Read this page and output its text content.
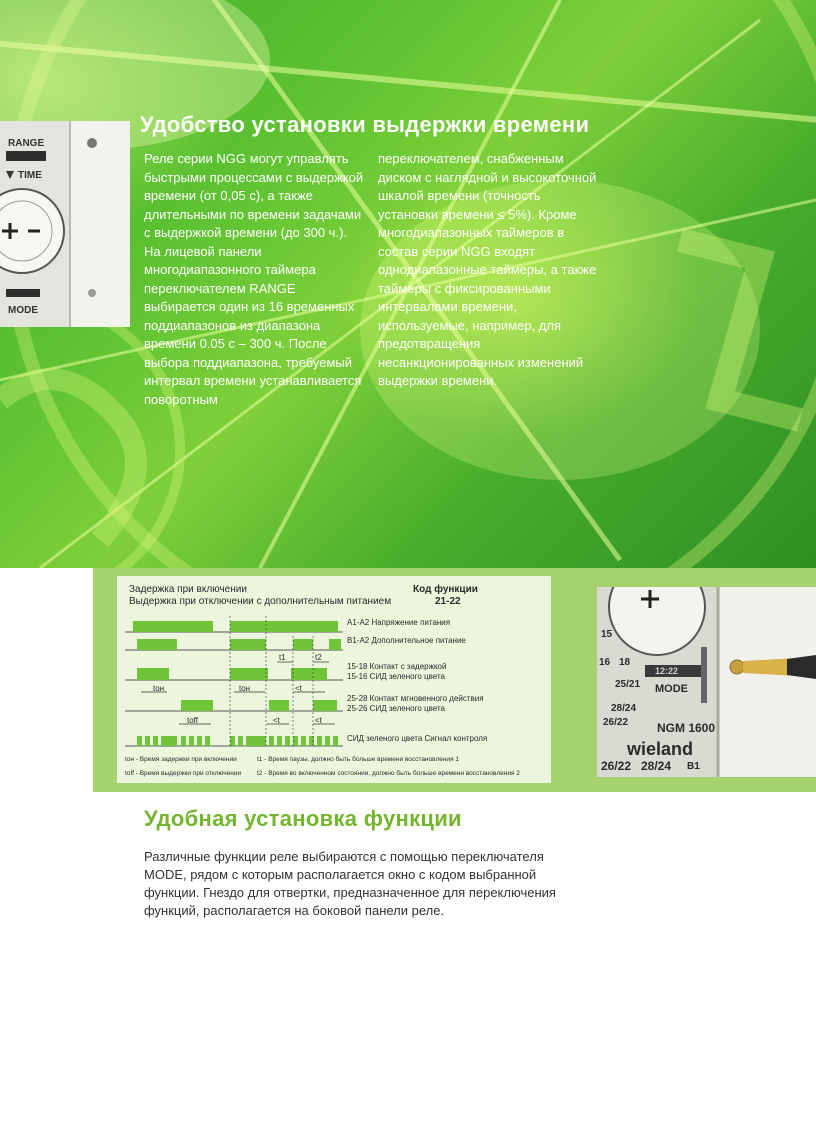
RANGE
TIME
MODE
Удобство установки выдержки времени
Реле серии NGG могут управлять быстрыми процессами с выдержкой времени (от 0,05 с), а также длительными по времени задачами с выдержкой времени (до 300 ч.). На лицевой панели многодиапазонного таймера переключателем RANGE выбирается один из 16 временных поддиапазонов из диапазона времени 0.05 с – 300 ч. После выбора поддиапазона, требуемый интервал времени устанавливается поворотным
переключателем, снабженным диском с наглядной и высокоточной шкалой времени (точность установки времени ≤ 5%). Кроме многодиапазонных таймеров в состав серии NGG входят однодиапазонные таймеры, а также таймеры с фиксированными интервалами времени, используемые, например, для предотвращения несанкционированных изменений выдержки времени.
Задержка при включении
Выдержка при отключении с дополнительным питанием
Код функции
21-22
tон	tон
tоff
t1	t2
<t
<t	<t
A1-A2 Напряжение питания
B1-A2 Дополнительное питание
15-18 Контакт с задержкой
15-16 СИД зеленого цвета
25-28 Контакт мгновенного действия
25-26 СИД зеленого цвета
СИД зеленого цвета Сигнал контроля
tон - Время задержки при включении	t1 - Время паузы, должно быть больше времени восстановления 1
tоff - Время выдержки при отключении t2 - Время во включенном состоянии, должно быть больше времени восстановления 2
15
16 18
12:22
25/21 MODE
28/24
26/22 NGM 1600
wieland
26/22 28/24 B1
Удобная установка функции
Различные функции реле выбираются с помощью переключателя MODE, рядом с которым располагается окно с кодом выбранной функции. Гнездо для отвертки, предназначенное для переключения функций, располагается на боковой панели реле.
